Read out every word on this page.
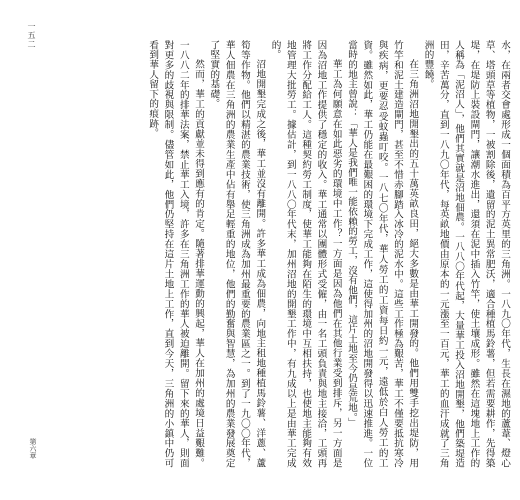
一五二
第六章	水，在兩者交會處形成一個面積為百平方英里的三角洲。一八九〇年代，生長在濕地的蘆葦、燈心草、塔頭草等植物，一被割除後，遺留的泥土異常肥沃，適合種植馬鈴薯，但若需要耕作，先得築堤，在堤防上裝設閘門，讓潮水進出，還須在泥中插入竹竿，使土壤成形。雖然在這塊地上工作的人稱為「泥沼人」，他們其實就是沼地佃農。一八八〇年代起，大量華工投入沼地開墾，他們築堤造田，辛苦萬分，直到一八九〇年代，每英畝地價由原本的一元漲至一百元，華工的血汗成就了三角洲的豐饒。

在三角洲沼地開墾出的五十萬英畝良田，絕大多數是由華工開發的。他們用雙手挖出堤防，用竹竿和泥土建造閘門，甚至不惜赤腳踏入冰冷的泥水中。這些工作極為艱苦，華工不僅要抵抗寒冷與疾病，更要忍受蚊蟲叮咬。一八七〇年代，華人勞工的工資每日約一元，遠低於白人勞工的工資。雖然如此，華工仍能在最艱困的環境下完成工作，這使得加州的沼地開發得以迅速推進。一位當時的地主曾說：「華人是我們唯一能依賴的勞工，沒有他們，這片土地至今仍是荒地。」

華工為何願意在如此惡劣的環境中工作？一方面是因為他們在其他行業受到排斥，另一方面是因為沼地工作提供了穩定的收入。華工通常以團體形式受僱，由一名工頭負責與地主接洽，工頭再將工作分配給工人。這種契約勞工制度，使華工能夠在陌生的環境中互相扶持，也使地主能夠有效地管理大批勞工。據估計，到一八八〇年代末，加州沼地的開墾工作中，有九成以上是由華工完成的。

沼地開墾完成之後，華工並沒有離開。許多華工成為佃農，向地主租地種植馬鈴薯、洋蔥、蘆筍等作物。他們以精湛的農業技術，使三角洲成為加州最重要的農業區之一。到了一九〇〇年代，華人佃農在三角洲的農業生產中佔有舉足輕重的地位，他們的勤奮與智慧，為加州的農業發展奠定了堅實的基礎。

然而，華工的貢獻並未得到應有的肯定。隨著排華運動的興起，華人在加州的處境日益艱難。一八八二年的排華法案，禁止華工入境，許多在三角洲工作的華人被迫離開。留下來的華人，則面對更多的歧視與限制。儘管如此，他們仍堅持在這片土地上工作，直到今天，三角洲的小鎮中仍可看到華人留下的痕跡。
